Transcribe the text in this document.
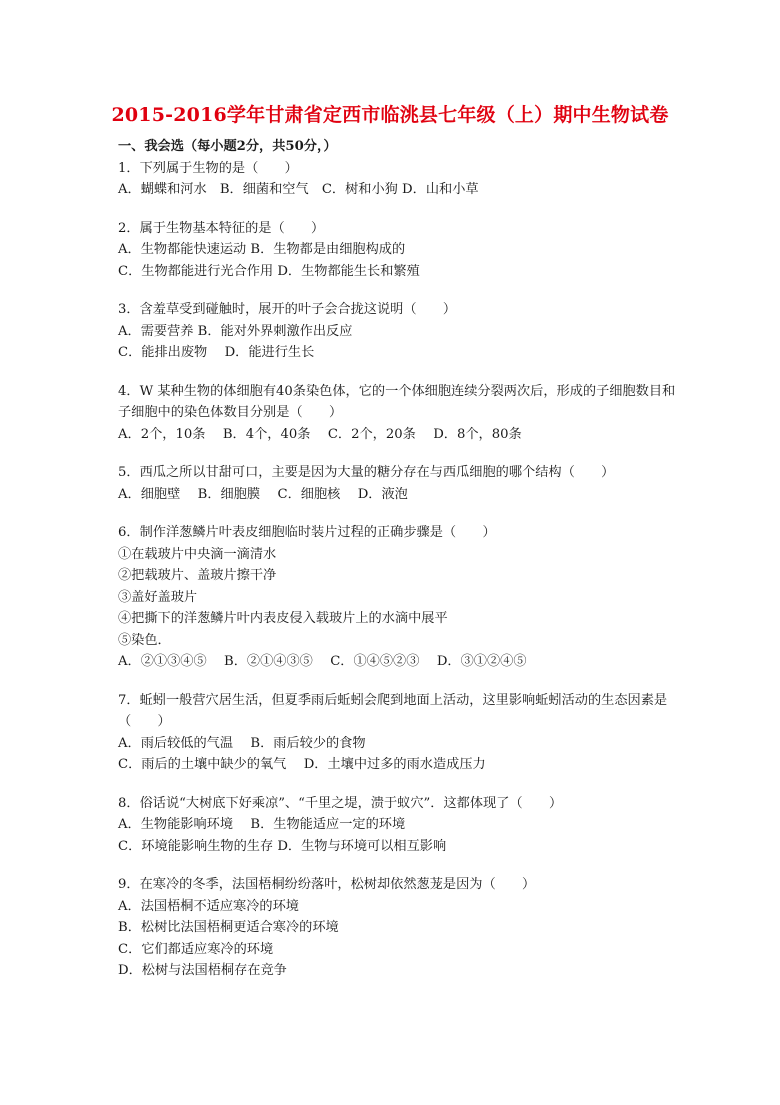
2015-2016学年甘肃省定西市临洮县七年级（上）期中生物试卷
一、我会选（每小题2分，共50分，）
1．下列属于生物的是（　　）
A．蝴蝶和河水　B．细菌和空气　C．树和小狗 D．山和小草
2．属于生物基本特征的是（　　）
A．生物都能快速运动 B．生物都是由细胞构成的
C．生物都能进行光合作用 D．生物都能生长和繁殖
3．含羞草受到碰触时，展开的叶子会合拢这说明（　　）
A．需要营养 B．能对外界刺激作出反应
C．能排出废物　 D．能进行生长
4．W 某种生物的体细胞有40条染色体，它的一个体细胞连续分裂两次后，形成的子细胞数目和子细胞中的染色体数目分别是（　　）
A．2个，10条　 B．4个，40条　 C．2个，20条　 D．8个，80条
5．西瓜之所以甘甜可口，主要是因为大量的糖分存在与西瓜细胞的哪个结构（　　）
A．细胞壁　 B．细胞膜　 C．细胞核　 D．液泡
6．制作洋葱鳞片叶表皮细胞临时装片过程的正确步骤是（　　）
①在载玻片中央滴一滴清水
②把载玻片、盖玻片擦干净
③盖好盖玻片
④把撕下的洋葱鳞片叶内表皮侵入载玻片上的水滴中展平
⑤染色．
A．②①③④⑤　 B．②①④③⑤　 C．①④⑤②③　 D．③①②④⑤
7．蚯蚓一般营穴居生活，但夏季雨后蚯蚓会爬到地面上活动，这里影响蚯蚓活动的生态因素是（　　）
A．雨后较低的气温　 B．雨后较少的食物
C．雨后的土壤中缺少的氧气　 D．土壤中过多的雨水造成压力
8．俗话说“大树底下好乘凉”、“千里之堤，溃于蚁穴”．这都体现了（　　）
A．生物能影响环境　 B．生物能适应一定的环境
C．环境能影响生物的生存 D．生物与环境可以相互影响
9．在寒冷的冬季，法国梧桐纷纷落叶，松树却依然葱茏是因为（　　）
A．法国梧桐不适应寒冷的环境
B．松树比法国梧桐更适合寒冷的环境
C．它们都适应寒冷的环境
D．松树与法国梧桐存在竞争
